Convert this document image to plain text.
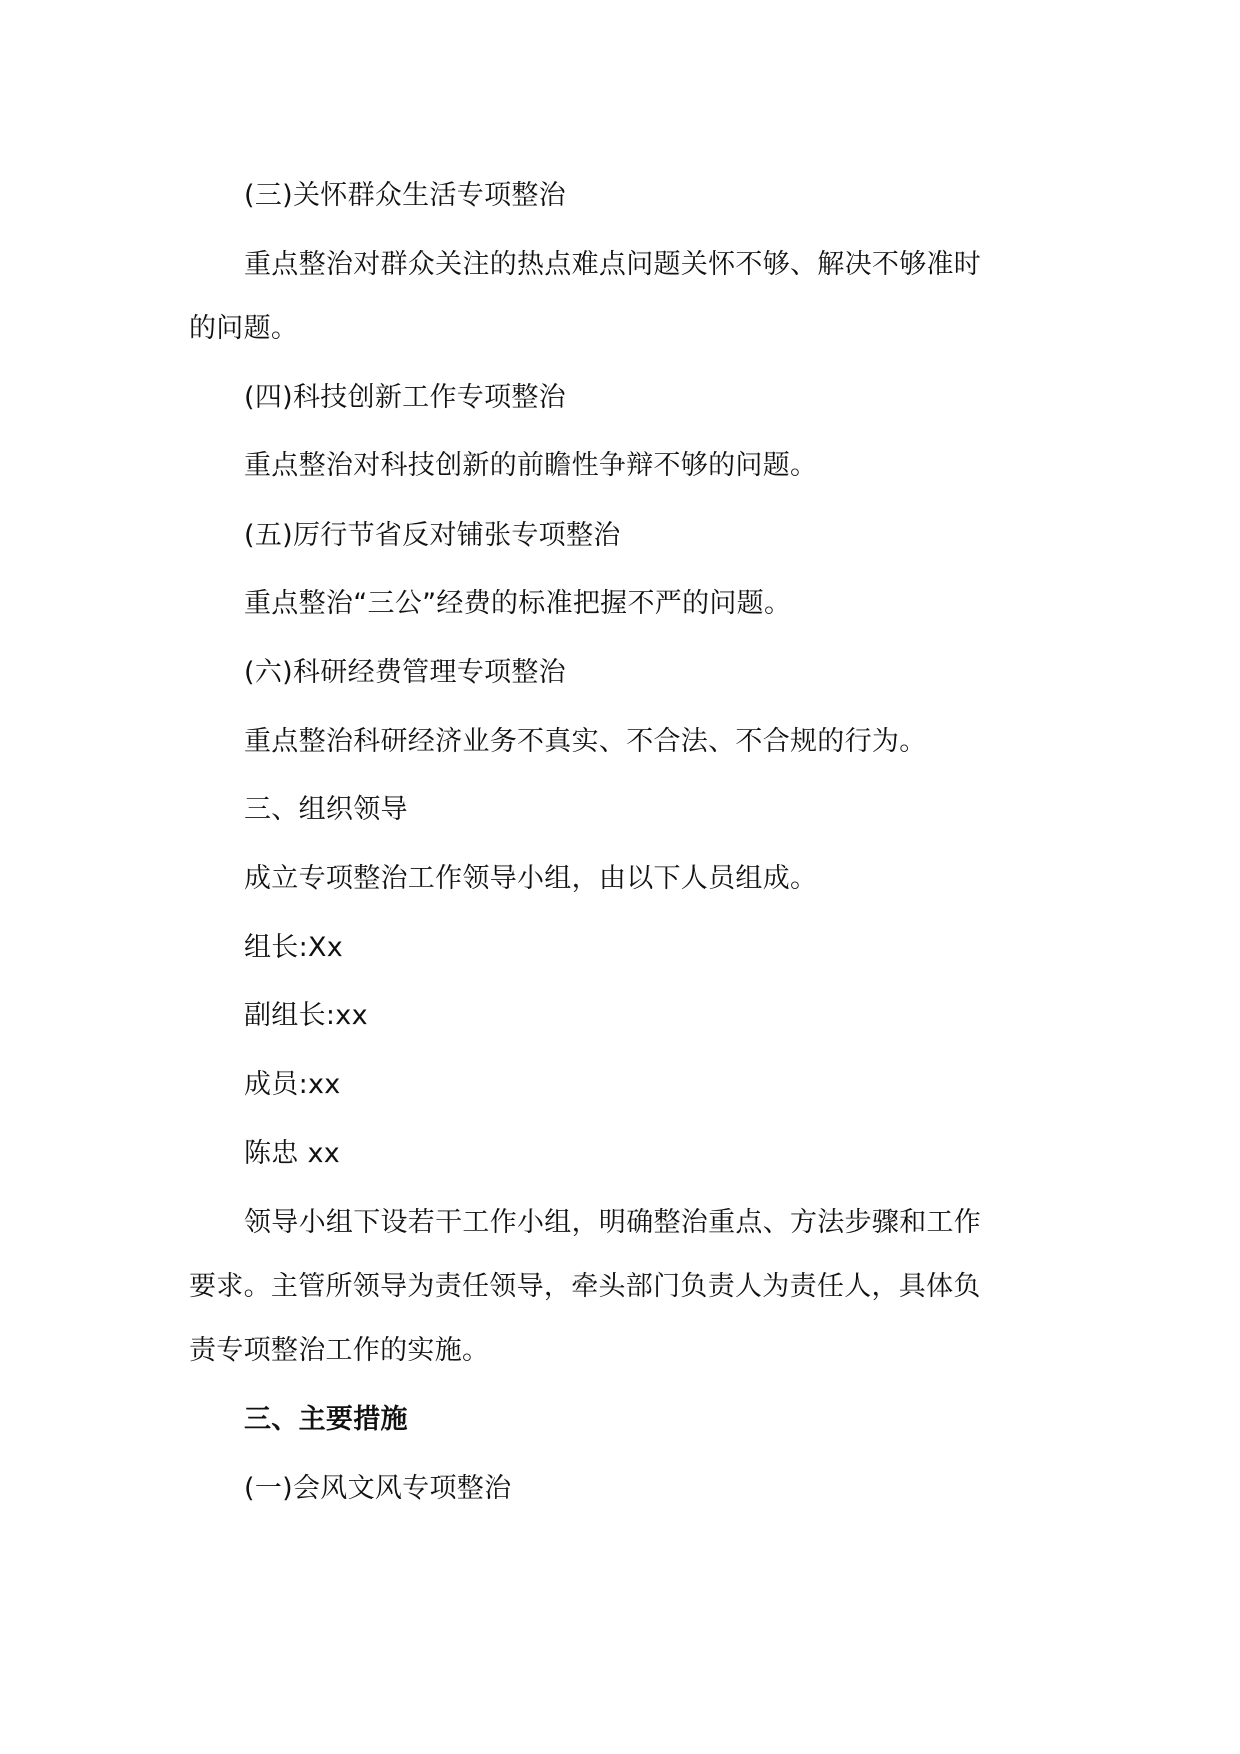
(三)关怀群众生活专项整治
重点整治对群众关注的热点难点问题关怀不够、解决不够准时
的问题。
(四)科技创新工作专项整治
重点整治对科技创新的前瞻性争辩不够的问题。
(五)厉行节省反对铺张专项整治
重点整治“三公”经费的标准把握不严的问题。
(六)科研经费管理专项整治
重点整治科研经济业务不真实、不合法、不合规的行为。
三、组织领导
成立专项整治工作领导小组，由以下人员组成。
组长:Xx
副组长:xx
成员:xx
陈忠 xx
领导小组下设若干工作小组，明确整治重点、方法步骤和工作
要求。主管所领导为责任领导，牵头部门负责人为责任人，具体负
责专项整治工作的实施。
三、主要措施
(一)会风文风专项整治
